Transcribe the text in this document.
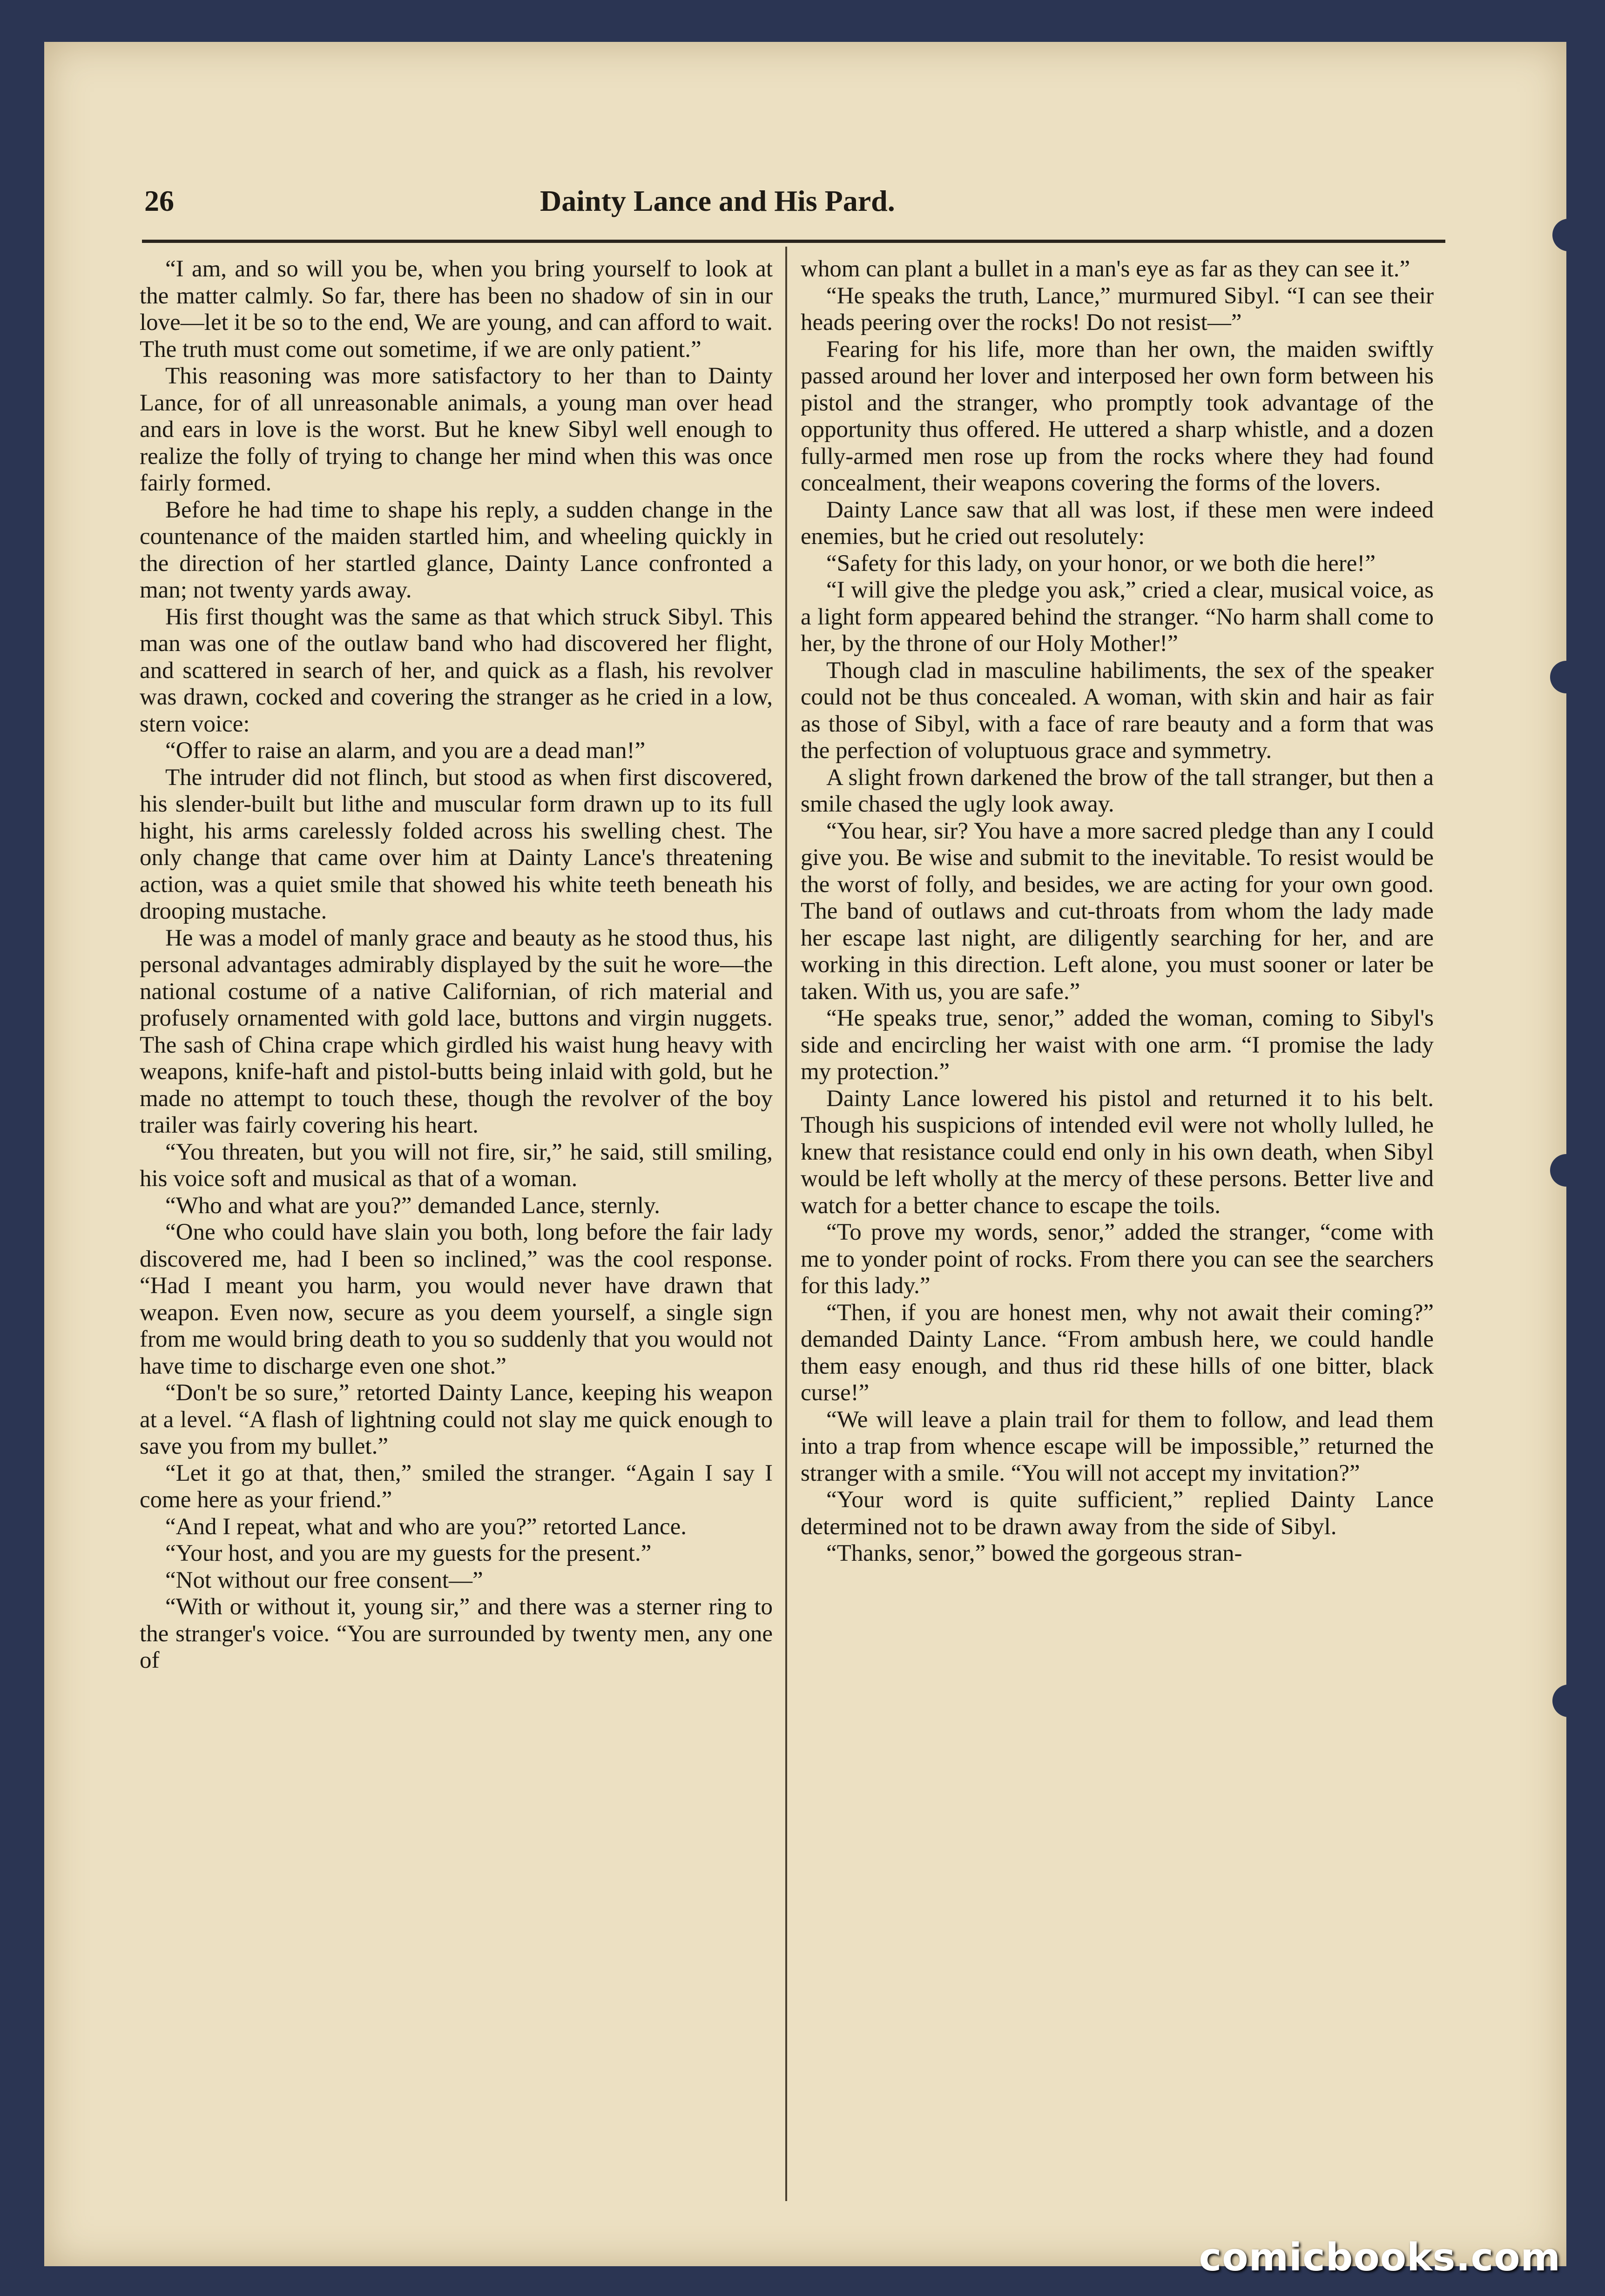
26	Dainty Lance and His Pard.

“I am, and so will you be, when you bring yourself to look at the matter calmly. So far, there has been no shadow of sin in our love—let it be so to the end, We are young, and can afford to wait. The truth must come out sometime, if we are only patient.”

This reasoning was more satisfactory to her than to Dainty Lance, for of all unreasonable animals, a young man over head and ears in love is the worst. But he knew Sibyl well enough to realize the folly of trying to change her mind when this was once fairly formed.

Before he had time to shape his reply, a sudden change in the countenance of the maiden startled him, and wheeling quickly in the direction of her startled glance, Dainty Lance confronted a man; not twenty yards away.

His first thought was the same as that which struck Sibyl. This man was one of the outlaw band who had discovered her flight, and scattered in search of her, and quick as a flash, his revolver was drawn, cocked and covering the stranger as he cried in a low, stern voice:

“Offer to raise an alarm, and you are a dead man!”

The intruder did not flinch, but stood as when first discovered, his slender-built but lithe and muscular form drawn up to its full hight, his arms carelessly folded across his swelling chest. The only change that came over him at Dainty Lance's threatening action, was a quiet smile that showed his white teeth beneath his drooping mustache.

He was a model of manly grace and beauty as he stood thus, his personal advantages admirably displayed by the suit he wore—the national costume of a native Californian, of rich material and profusely ornamented with gold lace, buttons and virgin nuggets. The sash of China crape which girdled his waist hung heavy with weapons, knife-haft and pistol-butts being inlaid with gold, but he made no attempt to touch these, though the revolver of the boy trailer was fairly covering his heart.

“You threaten, but you will not fire, sir,” he said, still smiling, his voice soft and musical as that of a woman.

“Who and what are you?” demanded Lance, sternly.

“One who could have slain you both, long before the fair lady discovered me, had I been so inclined,” was the cool response. “Had I meant you harm, you would never have drawn that weapon. Even now, secure as you deem yourself, a single sign from me would bring death to you so suddenly that you would not have time to discharge even one shot.”

“Don't be so sure,” retorted Dainty Lance, keeping his weapon at a level. “A flash of lightning could not slay me quick enough to save you from my bullet.”

“Let it go at that, then,” smiled the stranger. “Again I say I come here as your friend.”

“And I repeat, what and who are you?” retorted Lance.

“Your host, and you are my guests for the present.”

“Not without our free consent—”

“With or without it, young sir,” and there was a sterner ring to the stranger's voice. “You are surrounded by twenty men, any one of

whom can plant a bullet in a man's eye as far as they can see it.”

“He speaks the truth, Lance,” murmured Sibyl. “I can see their heads peering over the rocks! Do not resist—”

Fearing for his life, more than her own, the maiden swiftly passed around her lover and interposed her own form between his pistol and the stranger, who promptly took advantage of the opportunity thus offered. He uttered a sharp whistle, and a dozen fully-armed men rose up from the rocks where they had found concealment, their weapons covering the forms of the lovers.

Dainty Lance saw that all was lost, if these men were indeed enemies, but he cried out resolutely:

“Safety for this lady, on your honor, or we both die here!”

“I will give the pledge you ask,” cried a clear, musical voice, as a light form appeared behind the stranger. “No harm shall come to her, by the throne of our Holy Mother!”

Though clad in masculine habiliments, the sex of the speaker could not be thus concealed. A woman, with skin and hair as fair as those of Sibyl, with a face of rare beauty and a form that was the perfection of voluptuous grace and symmetry.

A slight frown darkened the brow of the tall stranger, but then a smile chased the ugly look away.

“You hear, sir? You have a more sacred pledge than any I could give you. Be wise and submit to the inevitable. To resist would be the worst of folly, and besides, we are acting for your own good. The band of outlaws and cut-throats from whom the lady made her escape last night, are diligently searching for her, and are working in this direction. Left alone, you must sooner or later be taken. With us, you are safe.”

“He speaks true, senor,” added the woman, coming to Sibyl's side and encircling her waist with one arm. “I promise the lady my protection.”

Dainty Lance lowered his pistol and returned it to his belt. Though his suspicions of intended evil were not wholly lulled, he knew that resistance could end only in his own death, when Sibyl would be left wholly at the mercy of these persons. Better live and watch for a better chance to escape the toils.

“To prove my words, senor,” added the stranger, “come with me to yonder point of rocks. From there you can see the searchers for this lady.”

“Then, if you are honest men, why not await their coming?” demanded Dainty Lance. “From ambush here, we could handle them easy enough, and thus rid these hills of one bitter, black curse!”

“We will leave a plain trail for them to follow, and lead them into a trap from whence escape will be impossible,” returned the stranger with a smile. “You will not accept my invitation?”

“Your word is quite sufficient,” replied Dainty Lance determined not to be drawn away from the side of Sibyl.

“Thanks, senor,” bowed the gorgeous stran-

comicbooks.com
